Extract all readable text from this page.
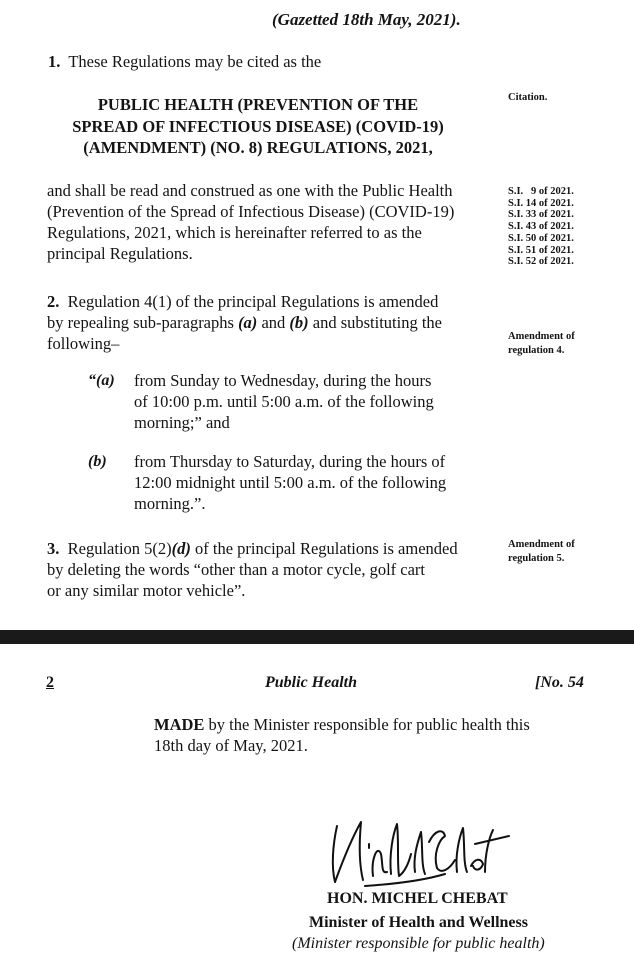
(Gazetted 18th May, 2021).
1. These Regulations may be cited as the
PUBLIC HEALTH (PREVENTION OF THE
SPREAD OF INFECTIOUS DISEASE) (COVID-19)
(AMENDMENT) (NO. 8) REGULATIONS, 2021,
Citation.
and shall be read and construed as one with the Public Health
(Prevention of the Spread of Infectious Disease) (COVID-19)
Regulations, 2021, which is hereinafter referred to as the
principal Regulations.
S.I.   9 of 2021.
S.I. 14 of 2021.
S.I. 33 of 2021.
S.I. 43 of 2021.
S.I. 50 of 2021.
S.I. 51 of 2021.
S.I. 52 of 2021.
2. Regulation 4(1) of the principal Regulations is amended
by repealing sub-paragraphs (a) and (b) and substituting the
following–	Amendment of
regulation 4.
“(a) from Sunday to Wednesday, during the hours
of 10:00 p.m. until 5:00 a.m. of the following
morning;” and
(b) from Thursday to Saturday, during the hours of
12:00 midnight until 5:00 a.m. of the following
morning.”.
3. Regulation 5(2)(d) of the principal Regulations is amended
by deleting the words “other than a motor cycle, golf cart
or any similar motor vehicle”.
Amendment of
regulation 5.
2	Public Health	[No. 54
MADE by the Minister responsible for public health this
18th day of May, 2021.
HON. MICHEL CHEBAT
Minister of Health and Wellness
(Minister responsible for public health)
